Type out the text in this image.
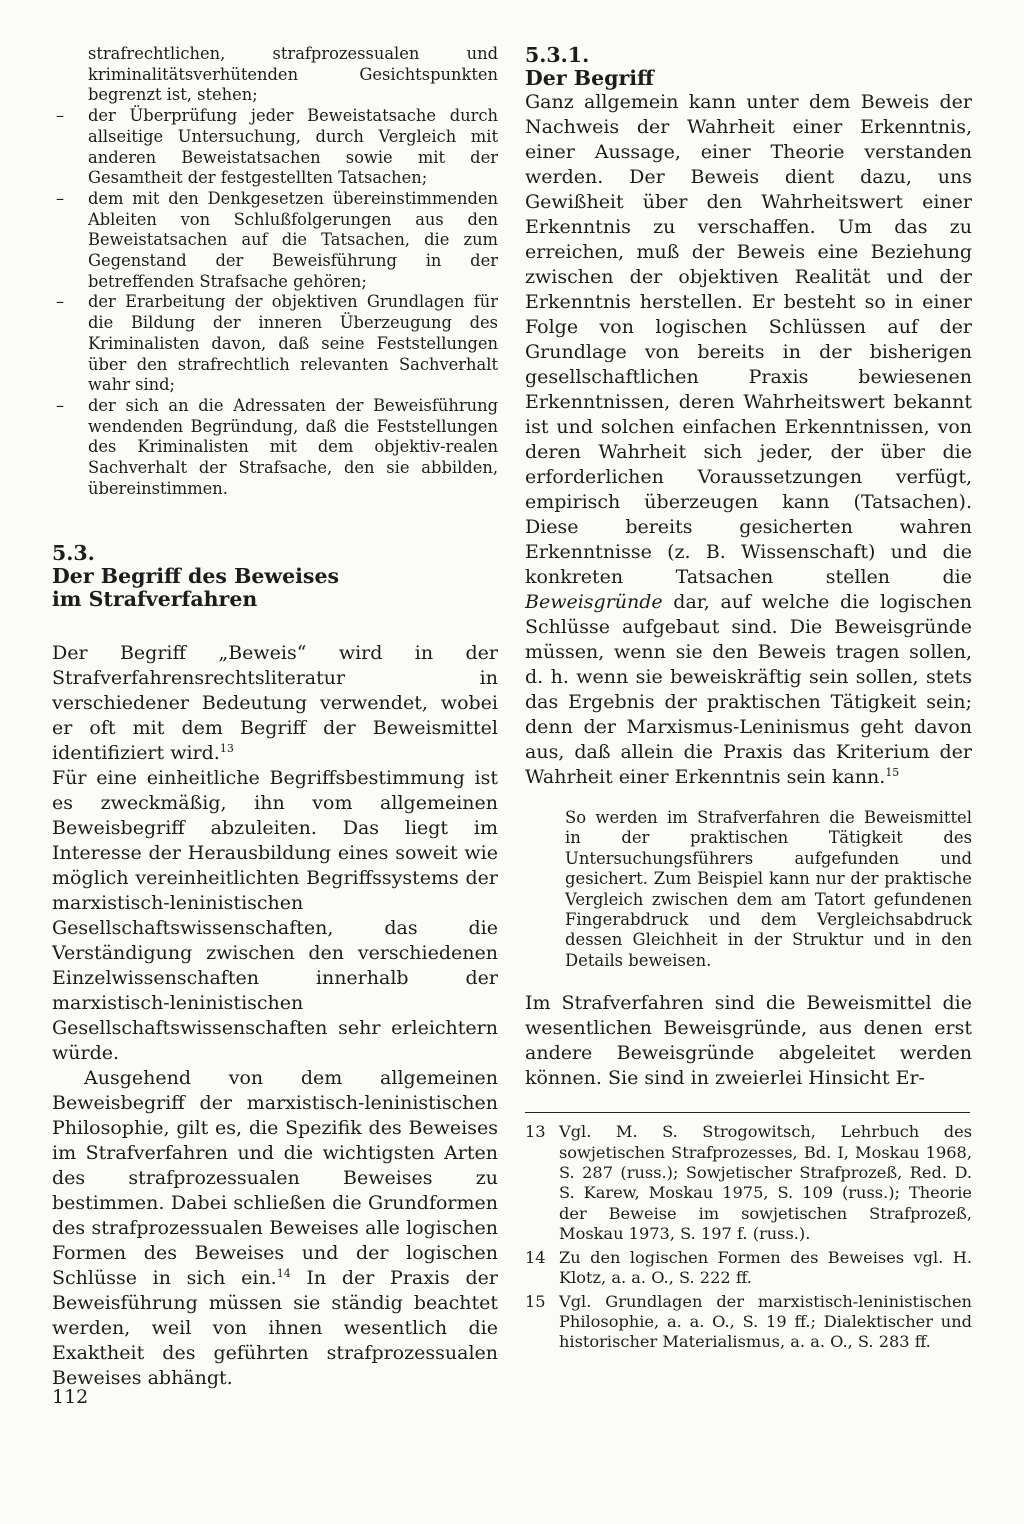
strafrechtlichen, strafprozessualen und kriminalitätsverhütenden Gesichtspunkten begrenzt ist, stehen;
– der Überprüfung jeder Beweistatsache durch allseitige Untersuchung, durch Vergleich mit anderen Beweistatsachen sowie mit der Gesamtheit der festgestellten Tatsachen;
– dem mit den Denkgesetzen übereinstimmenden Ableiten von Schlußfolgerungen aus den Beweistatsachen auf die Tatsachen, die zum Gegenstand der Beweisführung in der betreffenden Strafsache gehören;
– der Erarbeitung der objektiven Grundlagen für die Bildung der inneren Überzeugung des Kriminalisten davon, daß seine Feststellungen über den strafrechtlich relevanten Sachverhalt wahr sind;
– der sich an die Adressaten der Beweisführung wendenden Begründung, daß die Feststellungen des Kriminalisten mit dem objektiv-realen Sachverhalt der Strafsache, den sie abbilden, übereinstimmen.
5.3.
Der Begriff des Beweises
im Strafverfahren

Der Begriff „Beweis“ wird in der Strafverfahrensrechtsliteratur in verschiedener Bedeutung verwendet, wobei er oft mit dem Begriff der Beweismittel identifiziert wird.$^{13}$

Für eine einheitliche Begriffsbestimmung ist es zweckmäßig, ihn vom allgemeinen Beweisbegriff abzuleiten. Das liegt im Interesse der Herausbildung eines soweit wie möglich vereinheitlichten Begriffssystems der marxistisch-leninistischen Gesellschaftswissenschaften, das die Verständigung zwischen den verschiedenen Einzelwissenschaften innerhalb der marxistisch-leninistischen Gesellschaftswissenschaften sehr erleichtern würde.

Ausgehend von dem allgemeinen Beweisbegriff der marxistisch-leninistischen Philosophie, gilt es, die Spezifik des Beweises im Strafverfahren und die wichtigsten Arten des strafprozessualen Beweises zu bestimmen. Dabei schließen die Grundformen des strafprozessualen Beweises alle logischen Formen des Beweises und der logischen Schlüsse in sich ein.$^{14}$ In der Praxis der Beweisführung müssen sie ständig beachtet werden, weil von ihnen wesentlich die Exaktheit des geführten strafprozessualen Beweises abhängt.

5.3.1.
Der Begriff

Ganz allgemein kann unter dem Beweis der Nachweis der Wahrheit einer Erkenntnis, einer Aussage, einer Theorie verstanden werden. Der Beweis dient dazu, uns Gewißheit über den Wahrheitswert einer Erkenntnis zu verschaffen. Um das zu erreichen, muß der Beweis eine Beziehung zwischen der objektiven Realität und der Erkenntnis herstellen. Er besteht so in einer Folge von logischen Schlüssen auf der Grundlage von bereits in der bisherigen gesellschaftlichen Praxis bewiesenen Erkenntnissen, deren Wahrheitswert bekannt ist und solchen einfachen Erkenntnissen, von deren Wahrheit sich jeder, der über die erforderlichen Voraussetzungen verfügt, empirisch überzeugen kann (Tatsachen). Diese bereits gesicherten wahren Erkenntnisse (z. B. Wissenschaft) und die konkreten Tatsachen stellen die Beweisgründe dar, auf welche die logischen Schlüsse aufgebaut sind. Die Beweisgründe müssen, wenn sie den Beweis tragen sollen, d. h. wenn sie beweiskräftig sein sollen, stets das Ergebnis der praktischen Tätigkeit sein; denn der Marxismus-Leninismus geht davon aus, daß allein die Praxis das Kriterium der Wahrheit einer Erkenntnis sein kann.$^{15}$

So werden im Strafverfahren die Beweismittel in der praktischen Tätigkeit des Untersuchungsführers aufgefunden und gesichert. Zum Beispiel kann nur der praktische Vergleich zwischen dem am Tatort gefundenen Fingerabdruck und dem Vergleichsabdruck dessen Gleichheit in der Struktur und in den Details beweisen.

Im Strafverfahren sind die Beweismittel die wesentlichen Beweisgründe, aus denen erst andere Beweisgründe abgeleitet werden können. Sie sind in zweierlei Hinsicht Er-

13 Vgl. M. S. Strogowitsch, Lehrbuch des sowjetischen Strafprozesses, Bd. I, Moskau 1968, S. 287 (russ.); Sowjetischer Strafprozeß, Red. D. S. Karew, Moskau 1975, S. 109 (russ.); Theorie der Beweise im sowjetischen Strafprozeß, Moskau 1973, S. 197 f. (russ.).
14 Zu den logischen Formen des Beweises vgl. H. Klotz, a. a. O., S. 222 ff.
15 Vgl. Grundlagen der marxistisch-leninistischen Philosophie, a. a. O., S. 19 ff.; Dialektischer und historischer Materialismus, a. a. O., S. 283 ff.
112
